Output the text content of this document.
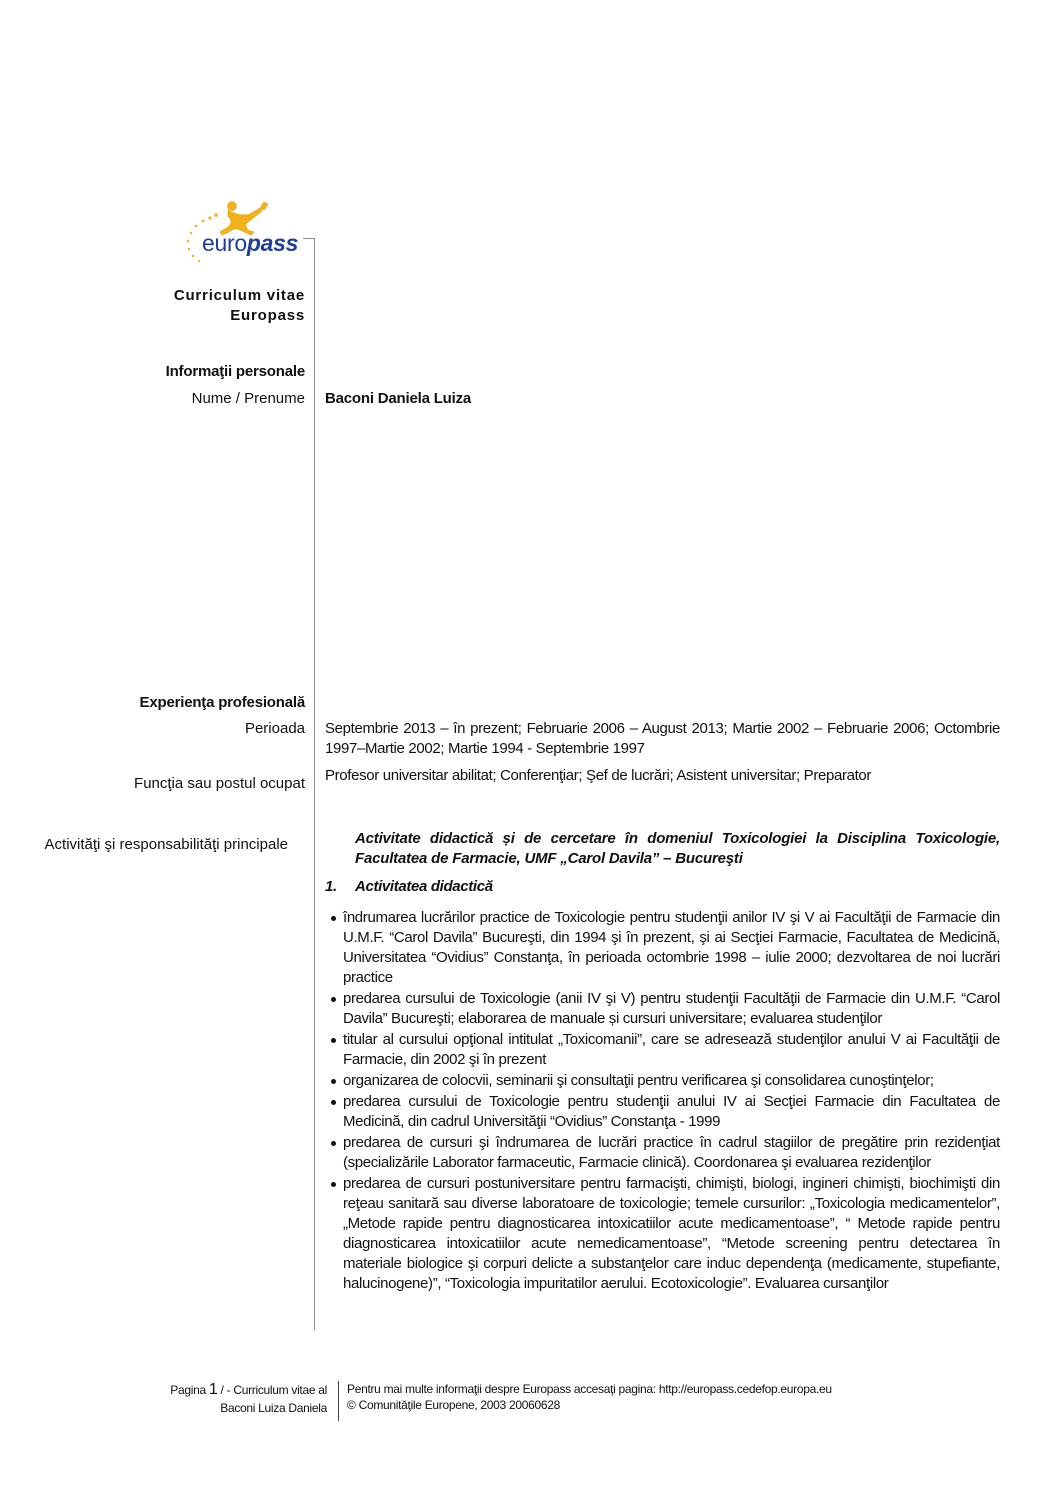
europass
Curriculum vitae
Europass
Informaţii personale
Nume / Prenume Baconi Daniela Luiza
Experienţa profesională
Perioada Septembrie 2013 – în prezent; Februarie 2006 – August 2013; Martie 2002 – Februarie 2006; Octombrie 1997–Martie 2002; Martie 1994 - Septembrie 1997
Funcţia sau postul ocupat Profesor universitar abilitat; Conferenţiar; Şef de lucrări; Asistent universitar; Preparator
Activităţi şi responsabilităţi principale	Activitate didactică și de cercetare în domeniul Toxicologiei la Disciplina Toxicologie, Facultatea de Farmacie, UMF „Carol Davila” – Bucureşti
1.	Activitatea didactică
îndrumarea lucrărilor practice de Toxicologie pentru studenţii anilor IV şi V ai Facultăţii de Farmacie din U.M.F. “Carol Davila” Bucureşti, din 1994 şi în prezent, şi ai Secţiei Farmacie, Facultatea de Medicină, Universitatea “Ovidius” Constanţa, în perioada octombrie 1998 – iulie 2000; dezvoltarea de noi lucrări practice
predarea cursului de Toxicologie (anii IV şi V) pentru studenţii Facultăţii de Farmacie din U.M.F. “Carol Davila” Bucureşti; elaborarea de manuale și cursuri universitare; evaluarea studenţilor
titular al cursului opţional intitulat „Toxicomanii”, care se adresează studenţilor anului V ai Facultăţii de Farmacie, din 2002 şi în prezent
organizarea de colocvii, seminarii şi consultaţii pentru verificarea şi consolidarea cunoştinţelor;
predarea cursului de Toxicologie pentru studenţii anului IV ai Secţiei Farmacie din Facultatea de Medicină, din cadrul Universităţii “Ovidius” Constanţa - 1999
predarea de cursuri şi îndrumarea de lucrări practice în cadrul stagiilor de pregătire prin rezidenţiat (specializările Laborator farmaceutic, Farmacie clinică). Coordonarea şi evaluarea rezidenţilor
predarea de cursuri postuniversitare pentru farmacişti, chimişti, biologi, ingineri chimişti, biochimişti din reţeau sanitară sau diverse laboratoare de toxicologie; temele cursurilor: „Toxicologia medicamentelor”, „Metode rapide pentru diagnosticarea intoxicatiilor acute medicamentoase”, “ Metode rapide pentru diagnosticarea intoxicatiilor acute nemedicamentoase”, “Metode screening pentru detectarea în materiale biologice şi corpuri delicte a substanţelor care induc dependenţa (medicamente, stupefiante, halucinogene)”, “Toxicologia impuritatilor aerului. Ecotoxicologie”. Evaluarea cursanţilor
Pagina 1 / - Curriculum vitae al
Baconi Luiza Daniela
Pentru mai multe informaţii despre Europass accesaţi pagina: http://europass.cedefop.europa.eu
© Comunităţile Europene, 2003 20060628
